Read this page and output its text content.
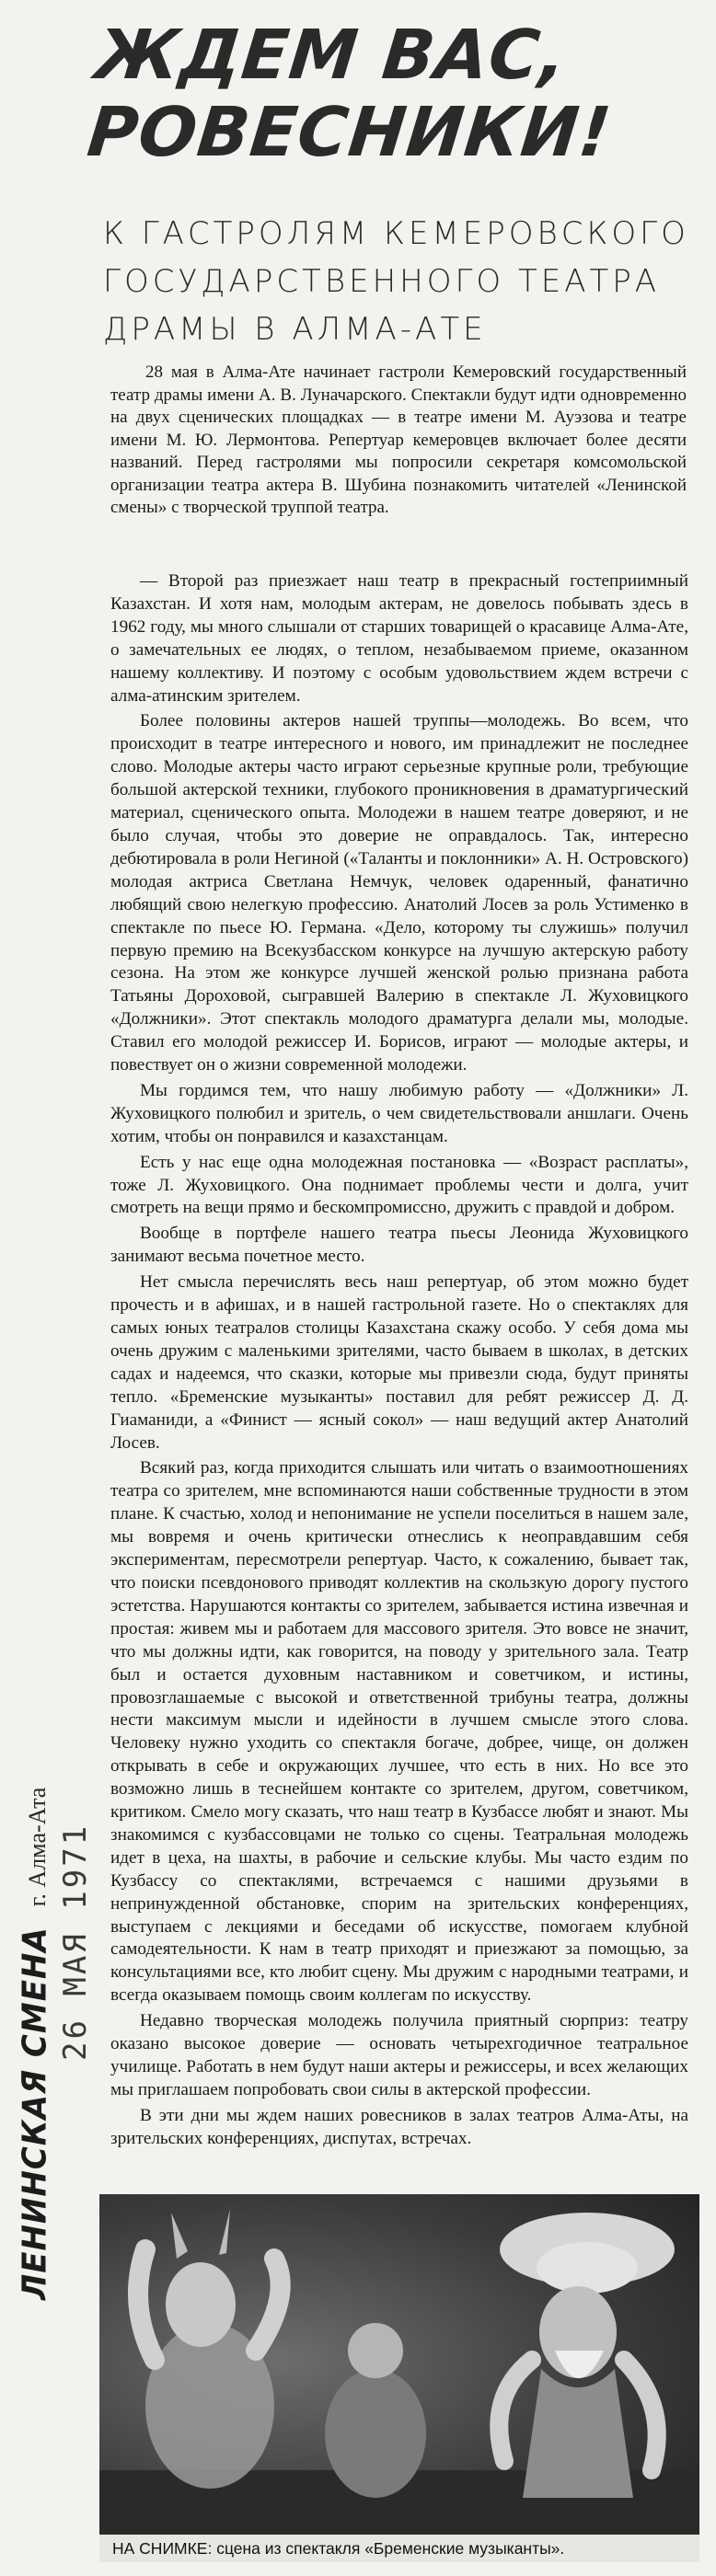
ЖДЕМ ВАС, РОВЕСНИКИ!
К ГАСТРОЛЯМ КЕМЕРОВСКОГО ГОСУДАРСТВЕННОГО ТЕАТРА ДРАМЫ В АЛМА-АТЕ

28 мая в Алма-Ате начинает гастроли Кемеровский государственный театр драмы имени А. В. Луначарского. Спектакли будут идти одновременно на двух сценических площадках — в театре имени М. Ауэзова и театре имени М. Ю. Лермонтова. Репертуар кемеровцев включает более десяти названий. Перед гастролями мы попросили секретаря комсомольской организации театра актера В. Шубина познакомить читателей «Ленинской смены» с творческой труппой театра.

— Второй раз приезжает наш театр в прекрасный гостеприимный Казахстан. И хотя нам, молодым актерам, не довелось побывать здесь в 1962 году, мы много слышали от старших товарищей о красавице Алма-Ате, о замечательных ее людях, о теплом, незабываемом приеме, оказанном нашему коллективу. И поэтому с особым удовольствием ждем встречи с алма-атинским зрителем.

Более половины актеров нашей труппы—молодежь. Во всем, что происходит в театре интересного и нового, им принадлежит не последнее слово. Молодые актеры часто играют серьезные крупные роли, требующие большой актерской техники, глубокого проникновения в драматургический материал, сценического опыта. Молодежи в нашем театре доверяют, и не было случая, чтобы это доверие не оправдалось. Так, интересно дебютировала в роли Негиной («Таланты и поклонники» А. Н. Островского) молодая актриса Светлана Немчук, человек одаренный, фанатично любящий свою нелегкую профессию. Анатолий Лосев за роль Устименко в спектакле по пьесе Ю. Германа. «Дело, которому ты служишь» получил первую премию на Всекузбасском конкурсе на лучшую актерскую работу сезона. На этом же конкурсе лучшей женской ролью признана работа Татьяны Дороховой, сыгравшей Валерию в спектакле Л. Жуховицкого «Должники». Этот спектакль молодого драматурга делали мы, молодые. Ставил его молодой режиссер И. Борисов, играют — молодые актеры, и повествует он о жизни современной молодежи.

Мы гордимся тем, что нашу любимую работу — «Должники» Л. Жуховицкого полюбил и зритель, о чем свидетельствовали аншлаги. Очень хотим, чтобы он понравился и казахстанцам.

Есть у нас еще одна молодежная постановка — «Возраст расплаты», тоже Л. Жуховицкого. Она поднимает проблемы чести и долга, учит смотреть на вещи прямо и бескомпромиссно, дружить с правдой и добром.

Вообще в портфеле нашего театра пьесы Леонида Жуховицкого занимают весьма почетное место.

Нет смысла перечислять весь наш репертуар, об этом можно будет прочесть и в афишах, и в нашей гастрольной газете. Но о спектаклях для самых юных театралов столицы Казахстана скажу особо. У себя дома мы очень дружим с маленькими зрителями, часто бываем в школах, в детских садах и надеемся, что сказки, которые мы привезли сюда, будут приняты тепло. «Бременские музыканты» поставил для ребят режиссер Д. Д. Гиаманиди, а «Финист — ясный сокол» — наш ведущий актер Анатолий Лосев.

Всякий раз, когда приходится слышать или читать о взаимоотношениях театра со зрителем, мне вспоминаются наши собственные трудности в этом плане. К счастью, холод и непонимание не успели поселиться в нашем зале, мы вовремя и очень критически отнеслись к неоправдавшим себя экспериментам, пересмотрели репертуар. Часто, к сожалению, бывает так, что поиски псевдонового приводят коллектив на скользкую дорогу пустого эстетства. Нарушаются контакты со зрителем, забывается истина извечная и простая: живем мы и работаем для массового зрителя. Это вовсе не значит, что мы должны идти, как говорится, на поводу у зрительного зала. Театр был и остается духовным наставником и советчиком, и истины, провозглашаемые с высокой и ответственной трибуны театра, должны нести максимум мысли и идейности в лучшем смысле этого слова. Человеку нужно уходить со спектакля богаче, добрее, чище, он должен открывать в себе и окружающих лучшее, что есть в них. Но все это возможно лишь в теснейшем контакте со зрителем, другом, советчиком, критиком. Смело могу сказать, что наш театр в Кузбассе любят и знают. Мы знакомимся с кузбассовцами не только со сцены. Театральная молодежь идет в цеха, на шахты, в рабочие и сельские клубы. Мы часто ездим по Кузбассу со спектаклями, встречаемся с нашими друзьями в непринужденной обстановке, спорим на зрительских конференциях, выступаем с лекциями и беседами об искусстве, помогаем клубной самодеятельности. К нам в театр приходят и приезжают за помощью, за консультациями все, кто любит сцену. Мы дружим с народными театрами, и всегда оказываем помощь своим коллегам по искусству.

Недавно творческая молодежь получила приятный сюрприз: театру оказано высокое доверие — основать четырехгодичное театральное училище. Работать в нем будут наши актеры и режиссеры, и всех желающих мы приглашаем попробовать свои силы в актерской профессии.

В эти дни мы ждем наших ровесников в залах театров Алма-Аты, на зрительских конференциях, диспутах, встречах.

ЛЕНИНСКАЯ СМЕНА г. Алма-Ата 26 МАЯ 1971
НА СНИМКЕ: сцена из спектакля «Бременские музыканты».
